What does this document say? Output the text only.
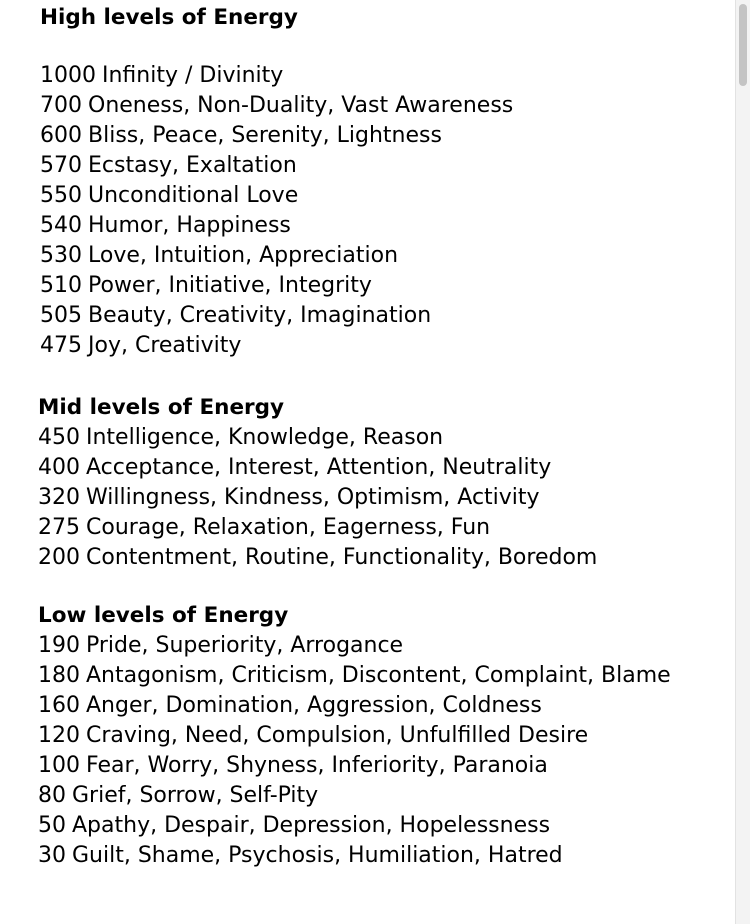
High levels of Energy

1000 Infinity / Divinity

700 Oneness, Non-Duality, Vast Awareness

600 Bliss, Peace, Serenity, Lightness

570 Ecstasy, Exaltation

550 Unconditional Love

540 Humor, Happiness

530 Love, Intuition, Appreciation

510 Power, Initiative, Integrity

505 Beauty, Creativity, Imagination

475 Joy, Creativity

Mid levels of Energy

450 Intelligence, Knowledge, Reason

400 Acceptance, Interest, Attention, Neutrality

320 Willingness, Kindness, Optimism, Activity

275 Courage, Relaxation, Eagerness, Fun

200 Contentment, Routine, Functionality, Boredom

Low levels of Energy

190 Pride, Superiority, Arrogance

180 Antagonism, Criticism, Discontent, Complaint, Blame

160 Anger, Domination, Aggression, Coldness

120 Craving, Need, Compulsion, Unfulfilled Desire

100 Fear, Worry, Shyness, Inferiority, Paranoia

80 Grief, Sorrow, Self-Pity

50 Apathy, Despair, Depression, Hopelessness

30 Guilt, Shame, Psychosis, Humiliation, Hatred
